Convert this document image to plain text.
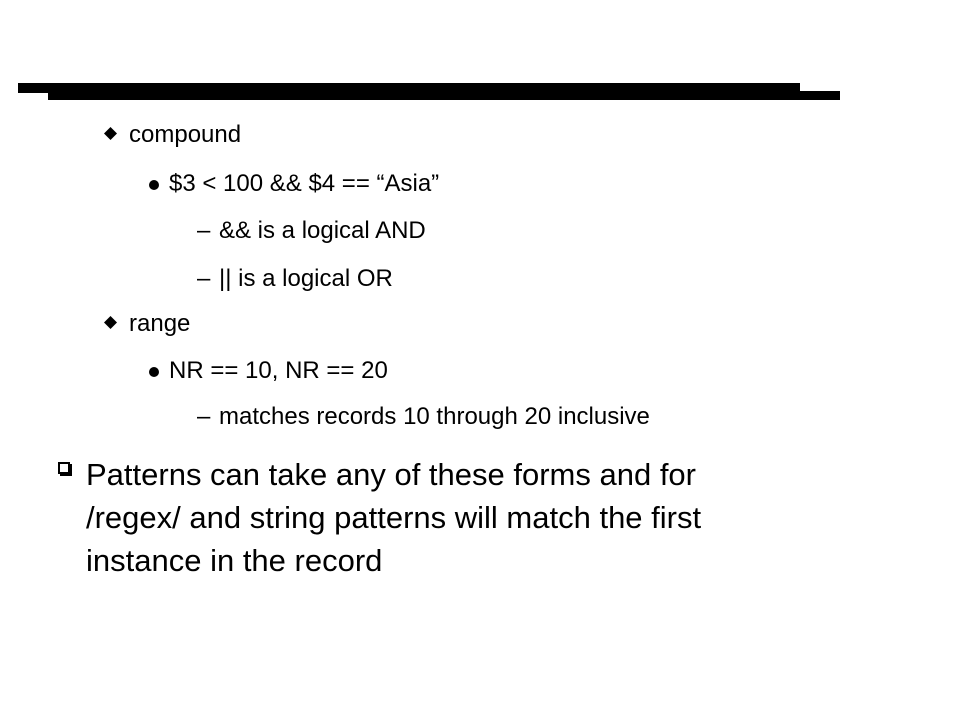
compound
$3 < 100 && $4 == “Asia”
– && is a logical AND
– || is a logical OR
range
NR == 10, NR == 20
– matches records 10 through 20 inclusive
Patterns can take any of these forms and for
/regex/ and string patterns will match the first
instance in the record
